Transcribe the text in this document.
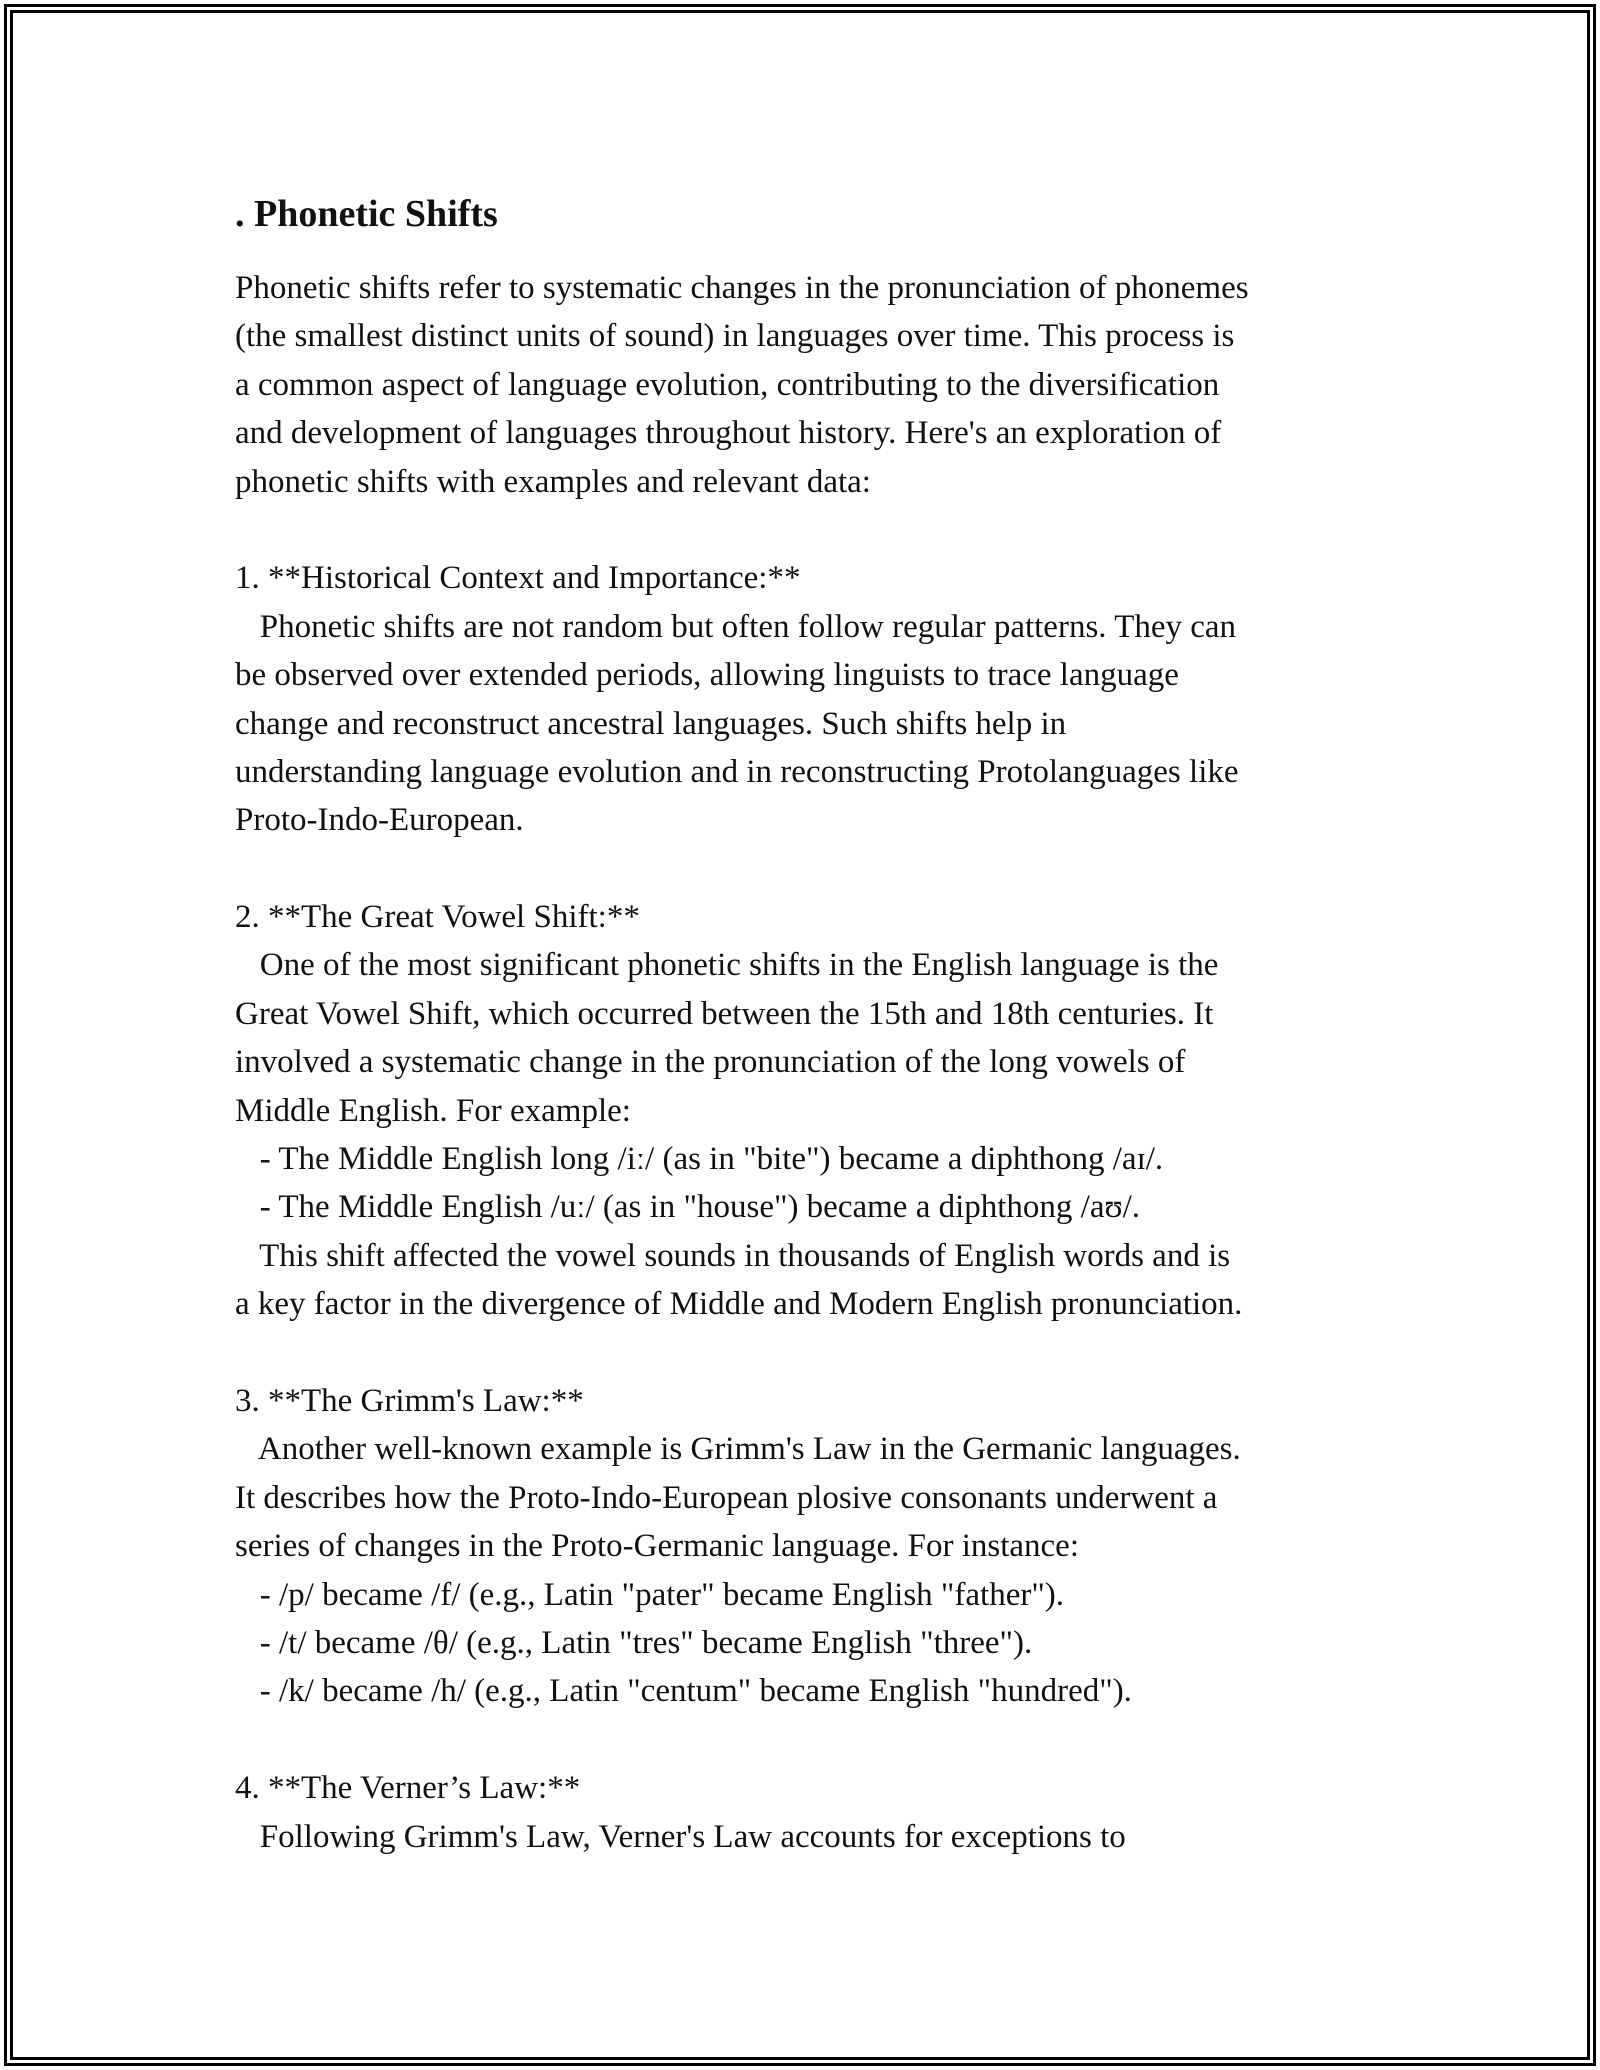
. Phonetic Shifts

Phonetic shifts refer to systematic changes in the pronunciation of phonemes

(the smallest distinct units of sound) in languages over time. This process is

a common aspect of language evolution, contributing to the diversification

and development of languages throughout history. Here's an exploration of

phonetic shifts with examples and relevant data:

1. **Historical Context and Importance:**

Phonetic shifts are not random but often follow regular patterns. They can

be observed over extended periods, allowing linguists to trace language

change and reconstruct ancestral languages. Such shifts help in

understanding language evolution and in reconstructing Protolanguages like

Proto-Indo-European.

2. **The Great Vowel Shift:**

One of the most significant phonetic shifts in the English language is the

Great Vowel Shift, which occurred between the 15th and 18th centuries. It

involved a systematic change in the pronunciation of the long vowels of

Middle English. For example:

- The Middle English long /iː/ (as in "bite") became a diphthong /aɪ/.

- The Middle English /uː/ (as in "house") became a diphthong /aʊ/.

This shift affected the vowel sounds in thousands of English words and is

a key factor in the divergence of Middle and Modern English pronunciation.

3. **The Grimm's Law:**

Another well-known example is Grimm's Law in the Germanic languages.

It describes how the Proto-Indo-European plosive consonants underwent a

series of changes in the Proto-Germanic language. For instance:

- /p/ became /f/ (e.g., Latin "pater" became English "father").

- /t/ became /θ/ (e.g., Latin "tres" became English "three").

- /k/ became /h/ (e.g., Latin "centum" became English "hundred").

4. **The Verner’s Law:**

Following Grimm's Law, Verner's Law accounts for exceptions to
